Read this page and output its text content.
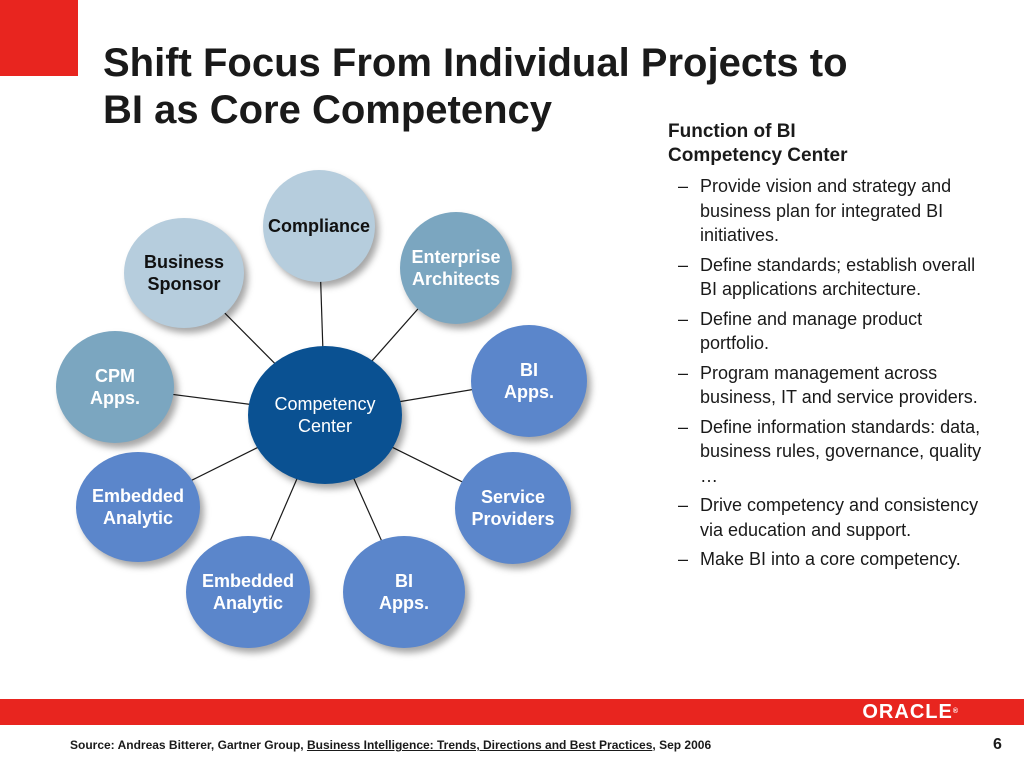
Shift Focus From Individual Projects to
BI as Core Competency
Compliance
Enterprise
Architects
BI
Apps.
Service
Providers
BI
Apps.
Embedded
Analytic
Embedded
Analytic
CPM
Apps.
Business
Sponsor
Competency
Center
Function of BI
Competency Center
– Provide vision and strategy and business plan for integrated BI initiatives.
– Define standards; establish overall BI applications architecture.
– Define and manage product portfolio.
– Program management across business, IT and service providers.
– Define information standards: data, business rules, governance, quality …
– Drive competency and consistency via education and support.
– Make BI into a core competency.
ORACLE®
Source: Andreas Bitterer, Gartner Group, Business Intelligence: Trends, Directions and Best Practices, Sep 2006	6
